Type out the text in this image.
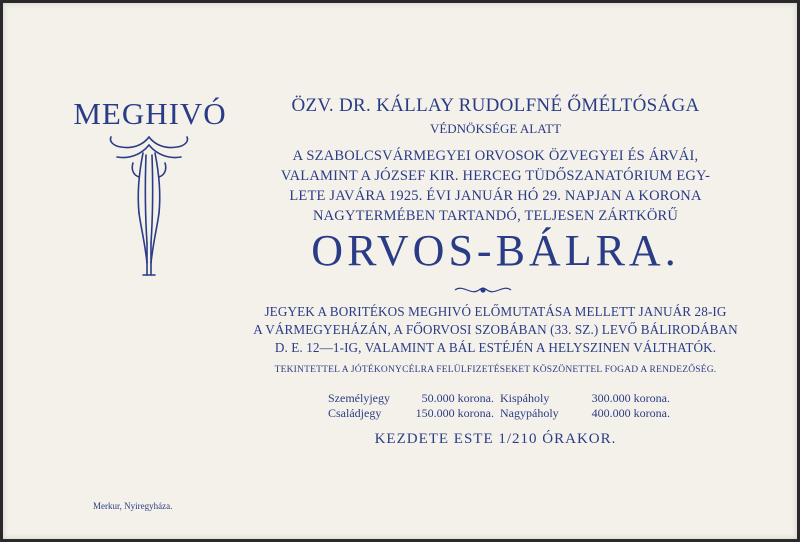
MEGHIVÓ	ÖZV. DR. KÁLLAY RUDOLFNÉ ŐMÉLTÓSÁGA
VÉDNÖKSÉGE ALATT
A SZABOLCSVÁRMEGYEI ORVOSOK ÖZVEGYEI ÉS ÁRVÁI,
VALAMINT A JÓZSEF KIR. HERCEG TÜDŐSZANATÓRIUM EGY-
LETE JAVÁRA 1925. ÉVI JANUÁR HÓ 29. NAPJAN A KORONA
NAGYTERMÉBEN TARTANDÓ, TELJESEN ZÁRTKÖRŰ
ORVOS-BÁLRA.
JEGYEK A BORITÉKOS MEGHIVÓ ELŐMUTATÁSA MELLETT JANUÁR 28-IG
A VÁRMEGYEHÁZÁN, A FŐORVOSI SZOBÁBAN (33. SZ.) LEVŐ BÁLIRODÁBAN
D. E. 12—1-IG, VALAMINT A BÁL ESTÉJÉN A HELYSZINEN VÁLTHATÓK.
TEKINTETTEL A JÓTÉKONYCÉLRA FELÜLFIZETÉSEKET KÖSZÖNETTEL FOGAD A RENDEZŐSÉG.
Személyjegy	50.000 korona. Kispáholy	300.000 korona.
Családjegy	150.000 korona. Nagypáholy	400.000 korona.
KEZDETE ESTE 1/210 ÓRAKOR.
Merkur, Nyiregyháza.
